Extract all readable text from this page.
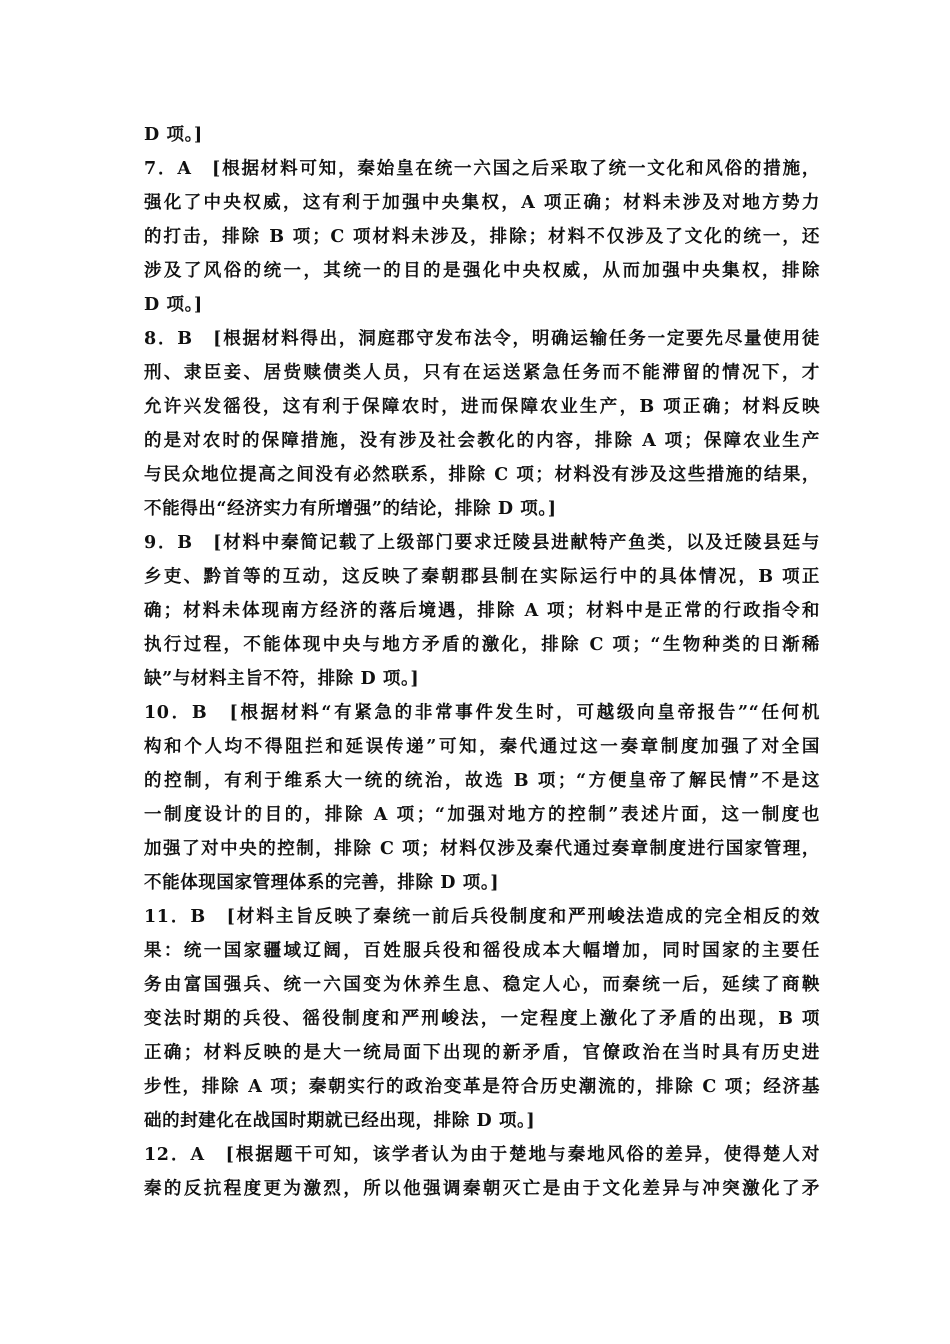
D 项。]
7．A　[根据材料可知，秦始皇在统一六国之后采取了统一文化和风俗的措施，
强化了中央权威，这有利于加强中央集权，A 项正确；材料未涉及对地方势力
的打击，排除 B 项；C 项材料未涉及，排除；材料不仅涉及了文化的统一，还
涉及了风俗的统一，其统一的目的是强化中央权威，从而加强中央集权，排除
D 项。]
8．B　[根据材料得出，洞庭郡守发布法令，明确运输任务一定要先尽量使用徒
刑、隶臣妾、居赀赎债类人员，只有在运送紧急任务而不能滞留的情况下，才
允许兴发徭役，这有利于保障农时，进而保障农业生产，B 项正确；材料反映
的是对农时的保障措施，没有涉及社会教化的内容，排除 A 项；保障农业生产
与民众地位提高之间没有必然联系，排除 C 项；材料没有涉及这些措施的结果，
不能得出“经济实力有所增强”的结论，排除 D 项。]
9．B　[材料中秦简记载了上级部门要求迁陵县进献特产鱼类，以及迁陵县廷与
乡吏、黔首等的互动，这反映了秦朝郡县制在实际运行中的具体情况，B 项正
确；材料未体现南方经济的落后境遇，排除 A 项；材料中是正常的行政指令和
执行过程，不能体现中央与地方矛盾的激化，排除 C 项；“生物种类的日渐稀
缺”与材料主旨不符，排除 D 项。]
10．B　[根据材料“有紧急的非常事件发生时，可越级向皇帝报告”“任何机
构和个人均不得阻拦和延误传递”可知，秦代通过这一奏章制度加强了对全国
的控制，有利于维系大一统的统治，故选 B 项；“方便皇帝了解民情”不是这
一制度设计的目的，排除 A 项；“加强对地方的控制”表述片面，这一制度也
加强了对中央的控制，排除 C 项；材料仅涉及秦代通过奏章制度进行国家管理，
不能体现国家管理体系的完善，排除 D 项。]
11．B　[材料主旨反映了秦统一前后兵役制度和严刑峻法造成的完全相反的效
果：统一国家疆域辽阔，百姓服兵役和徭役成本大幅增加，同时国家的主要任
务由富国强兵、统一六国变为休养生息、稳定人心，而秦统一后，延续了商鞅
变法时期的兵役、徭役制度和严刑峻法，一定程度上激化了矛盾的出现，B 项
正确；材料反映的是大一统局面下出现的新矛盾，官僚政治在当时具有历史进
步性，排除 A 项；秦朝实行的政治变革是符合历史潮流的，排除 C 项；经济基
础的封建化在战国时期就已经出现，排除 D 项。]
12．A　[根据题干可知，该学者认为由于楚地与秦地风俗的差异，使得楚人对
秦的反抗程度更为激烈，所以他强调秦朝灭亡是由于文化差异与冲突激化了矛
